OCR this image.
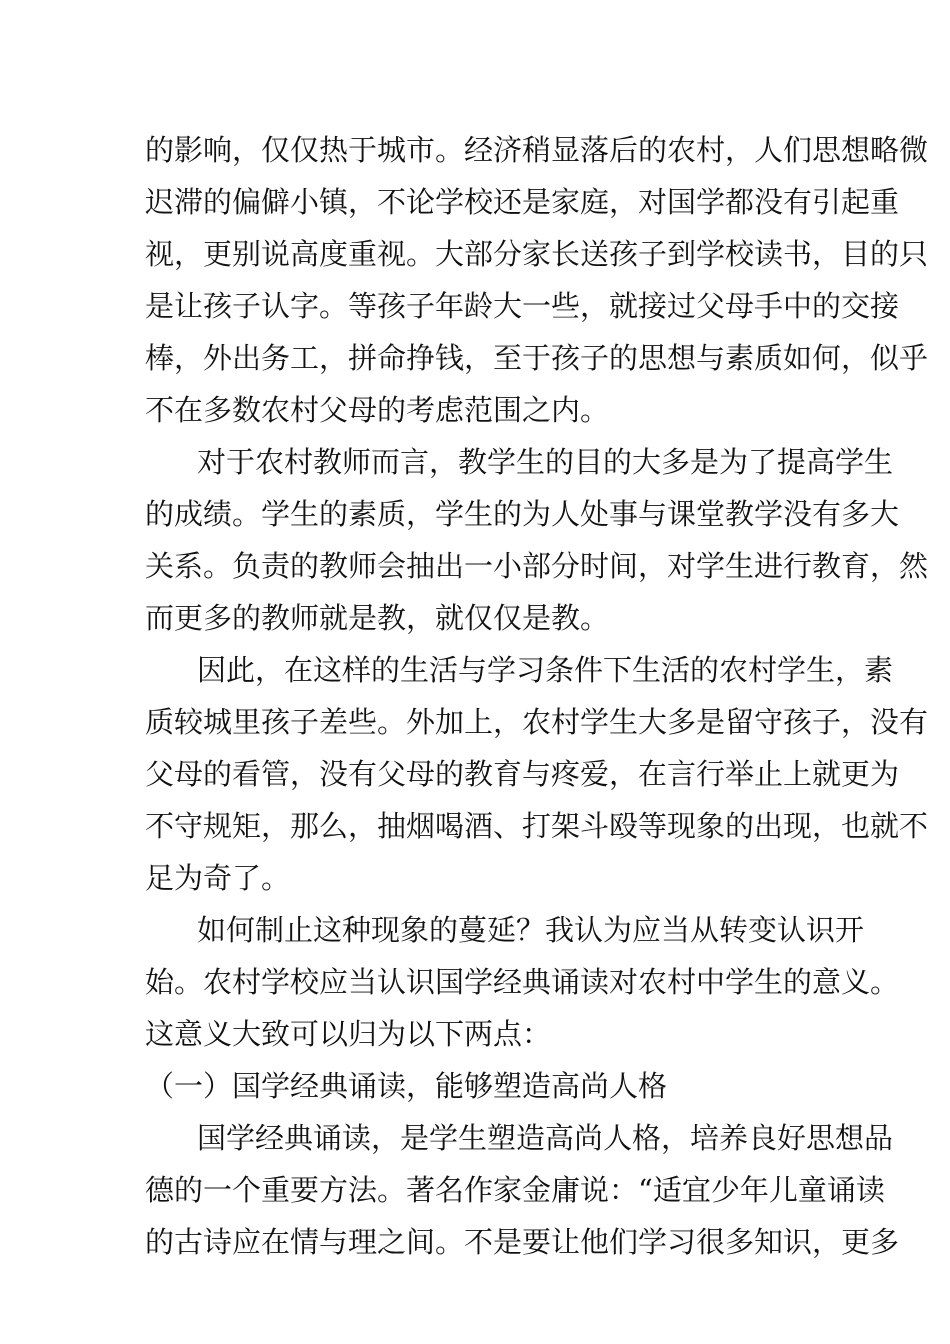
的影响，仅仅热于城市。经济稍显落后的农村，人们思想略微
迟滞的偏僻小镇，不论学校还是家庭，对国学都没有引起重
视，更别说高度重视。大部分家长送孩子到学校读书，目的只
是让孩子认字。等孩子年龄大一些，就接过父母手中的交接
棒，外出务工，拼命挣钱，至于孩子的思想与素质如何，似乎
不在多数农村父母的考虑范围之内。
对于农村教师而言，教学生的目的大多是为了提高学生
的成绩。学生的素质，学生的为人处事与课堂教学没有多大
关系。负责的教师会抽出一小部分时间，对学生进行教育，然
而更多的教师就是教，就仅仅是教。
因此，在这样的生活与学习条件下生活的农村学生，素
质较城里孩子差些。外加上，农村学生大多是留守孩子，没有
父母的看管，没有父母的教育与疼爱，在言行举止上就更为
不守规矩，那么，抽烟喝酒、打架斗殴等现象的出现，也就不
足为奇了。
如何制止这种现象的蔓延？我认为应当从转变认识开
始。农村学校应当认识国学经典诵读对农村中学生的意义。
这意义大致可以归为以下两点：
（一）国学经典诵读，能够塑造高尚人格
国学经典诵读，是学生塑造高尚人格，培养良好思想品
德的一个重要方法。著名作家金庸说：“适宜少年儿童诵读
的古诗应在情与理之间。不是要让他们学习很多知识，更多
